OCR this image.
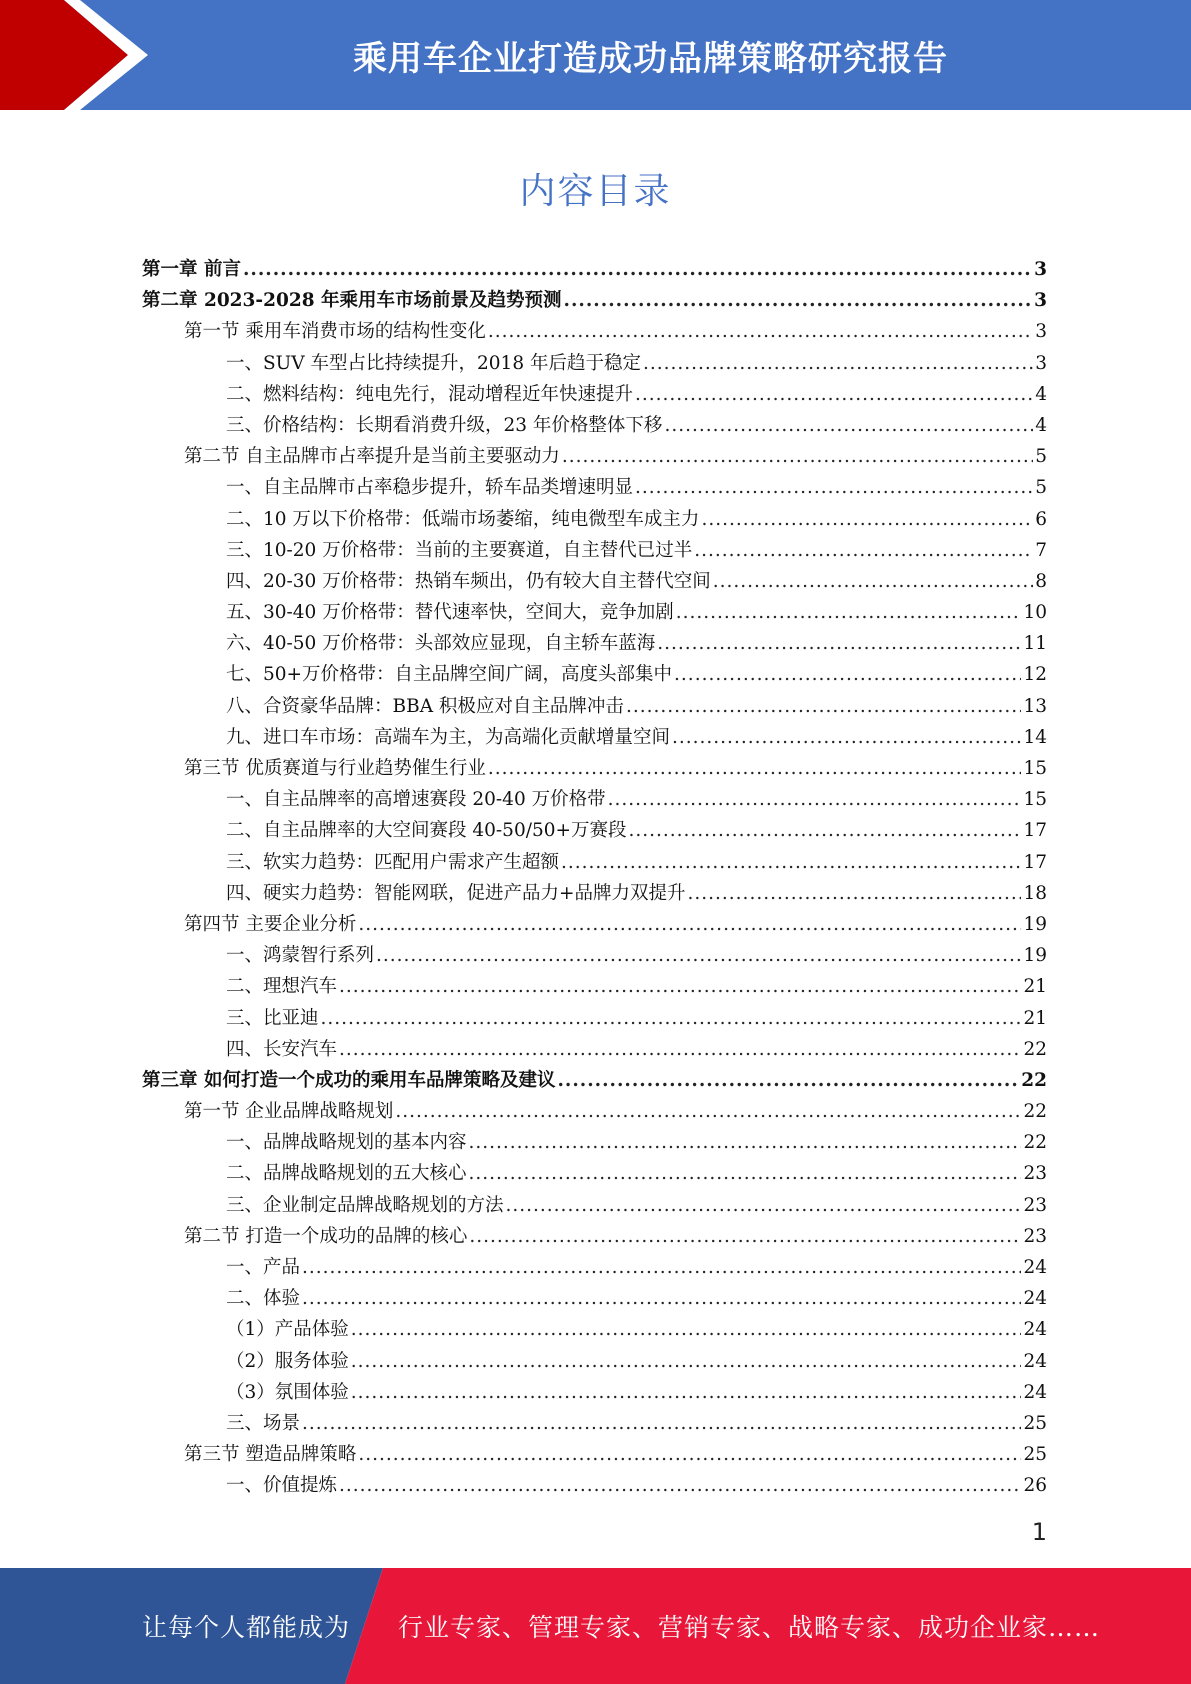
乘用车企业打造成功品牌策略研究报告
内容目录
第一章 前言 .....	3
第二章 2023-2028 年乘用车市场前景及趋势预测 .....	3
第一节 乘用车消费市场的结构性变化 .....	3
一、SUV 车型占比持续提升，2018 年后趋于稳定 .....	3
二、燃料结构：纯电先行，混动增程近年快速提升 .....	4
三、价格结构：长期看消费升级，23 年价格整体下移 .....	4
第二节 自主品牌市占率提升是当前主要驱动力 .....	5
一、自主品牌市占率稳步提升，轿车品类增速明显 .....	5
二、10 万以下价格带：低端市场萎缩，纯电微型车成主力 .....	6
三、10-20 万价格带：当前的主要赛道，自主替代已过半 .....	7
四、20-30 万价格带：热销车频出，仍有较大自主替代空间 .....	8
五、30-40 万价格带：替代速率快，空间大，竞争加剧 .....	10
六、40-50 万价格带：头部效应显现，自主轿车蓝海 .....	11
七、50+万价格带：自主品牌空间广阔，高度头部集中 .....	12
八、合资豪华品牌：BBA 积极应对自主品牌冲击 .....	13
九、进口车市场：高端车为主，为高端化贡献增量空间 .....	14
第三节 优质赛道与行业趋势催生行业 .....	15
一、自主品牌率的高增速赛段 20-40 万价格带 .....	15
二、自主品牌率的大空间赛段 40-50/50+万赛段 .....	17
三、软实力趋势：匹配用户需求产生超额 .....	17
四、硬实力趋势：智能网联，促进产品力+品牌力双提升 .....	18
第四节 主要企业分析 .....	19
一、鸿蒙智行系列 .....	19
二、理想汽车 .....	21
三、比亚迪 .....	21
四、长安汽车 .....	22
第三章 如何打造一个成功的乘用车品牌策略及建议 .....	22
第一节 企业品牌战略规划 .....	22
一、品牌战略规划的基本内容 .....	22
二、品牌战略规划的五大核心 .....	23
三、企业制定品牌战略规划的方法 .....	23
第二节 打造一个成功的品牌的核心 .....	23
一、产品 .....	24
二、体验 .....	24
（1）产品体验 .....	24
（2）服务体验 .....	24
（3）氛围体验 .....	24
三、场景 .....	25
第三节 塑造品牌策略 .....	25
一、价值提炼 .....	26
1
让每个人都能成为 行业专家、管理专家、营销专家、战略专家、成功企业家……
